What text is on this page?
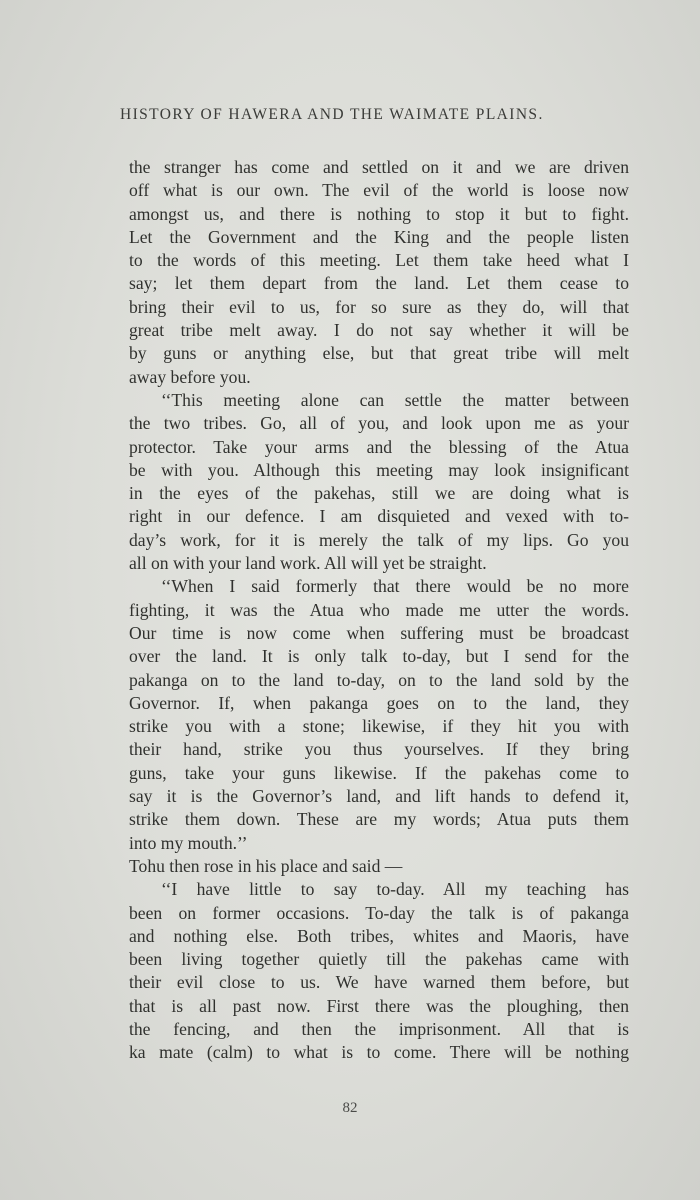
HISTORY OF HAWERA AND THE WAIMATE PLAINS.
the stranger has come and settled on it and we are driven
off what is our own. The evil of the world is loose now
amongst us, and there is nothing to stop it but to fight.
Let the Government and the King and the people listen
to the words of this meeting. Let them take heed what I
say; let them depart from the land. Let them cease to
bring their evil to us, for so sure as they do, will that
great tribe melt away. I do not say whether it will be
by guns or anything else, but that great tribe will melt
away before you.
‘‘This meeting alone can settle the matter between
the two tribes. Go, all of you, and look upon me as your
protector. Take your arms and the blessing of the Atua
be with you. Although this meeting may look insignificant
in the eyes of the pakehas, still we are doing what is
right in our defence. I am disquieted and vexed with to-
day’s work, for it is merely the talk of my lips. Go you
all on with your land work. All will yet be straight.
‘‘When I said formerly that there would be no more
fighting, it was the Atua who made me utter the words.
Our time is now come when suffering must be broadcast
over the land. It is only talk to-day, but I send for the
pakanga on to the land to-day, on to the land sold by the
Governor. If, when pakanga goes on to the land, they
strike you with a stone; likewise, if they hit you with
their hand, strike you thus yourselves. If they bring
guns, take your guns likewise. If the pakehas come to
say it is the Governor’s land, and lift hands to defend it,
strike them down. These are my words; Atua puts them
into my mouth.’’
Tohu then rose in his place and said —
‘‘I have little to say to-day. All my teaching has
been on former occasions. To-day the talk is of pakanga
and nothing else. Both tribes, whites and Maoris, have
been living together quietly till the pakehas came with
their evil close to us. We have warned them before, but
that is all past now. First there was the ploughing, then
the fencing, and then the imprisonment. All that is
ka mate (calm) to what is to come. There will be nothing
82
